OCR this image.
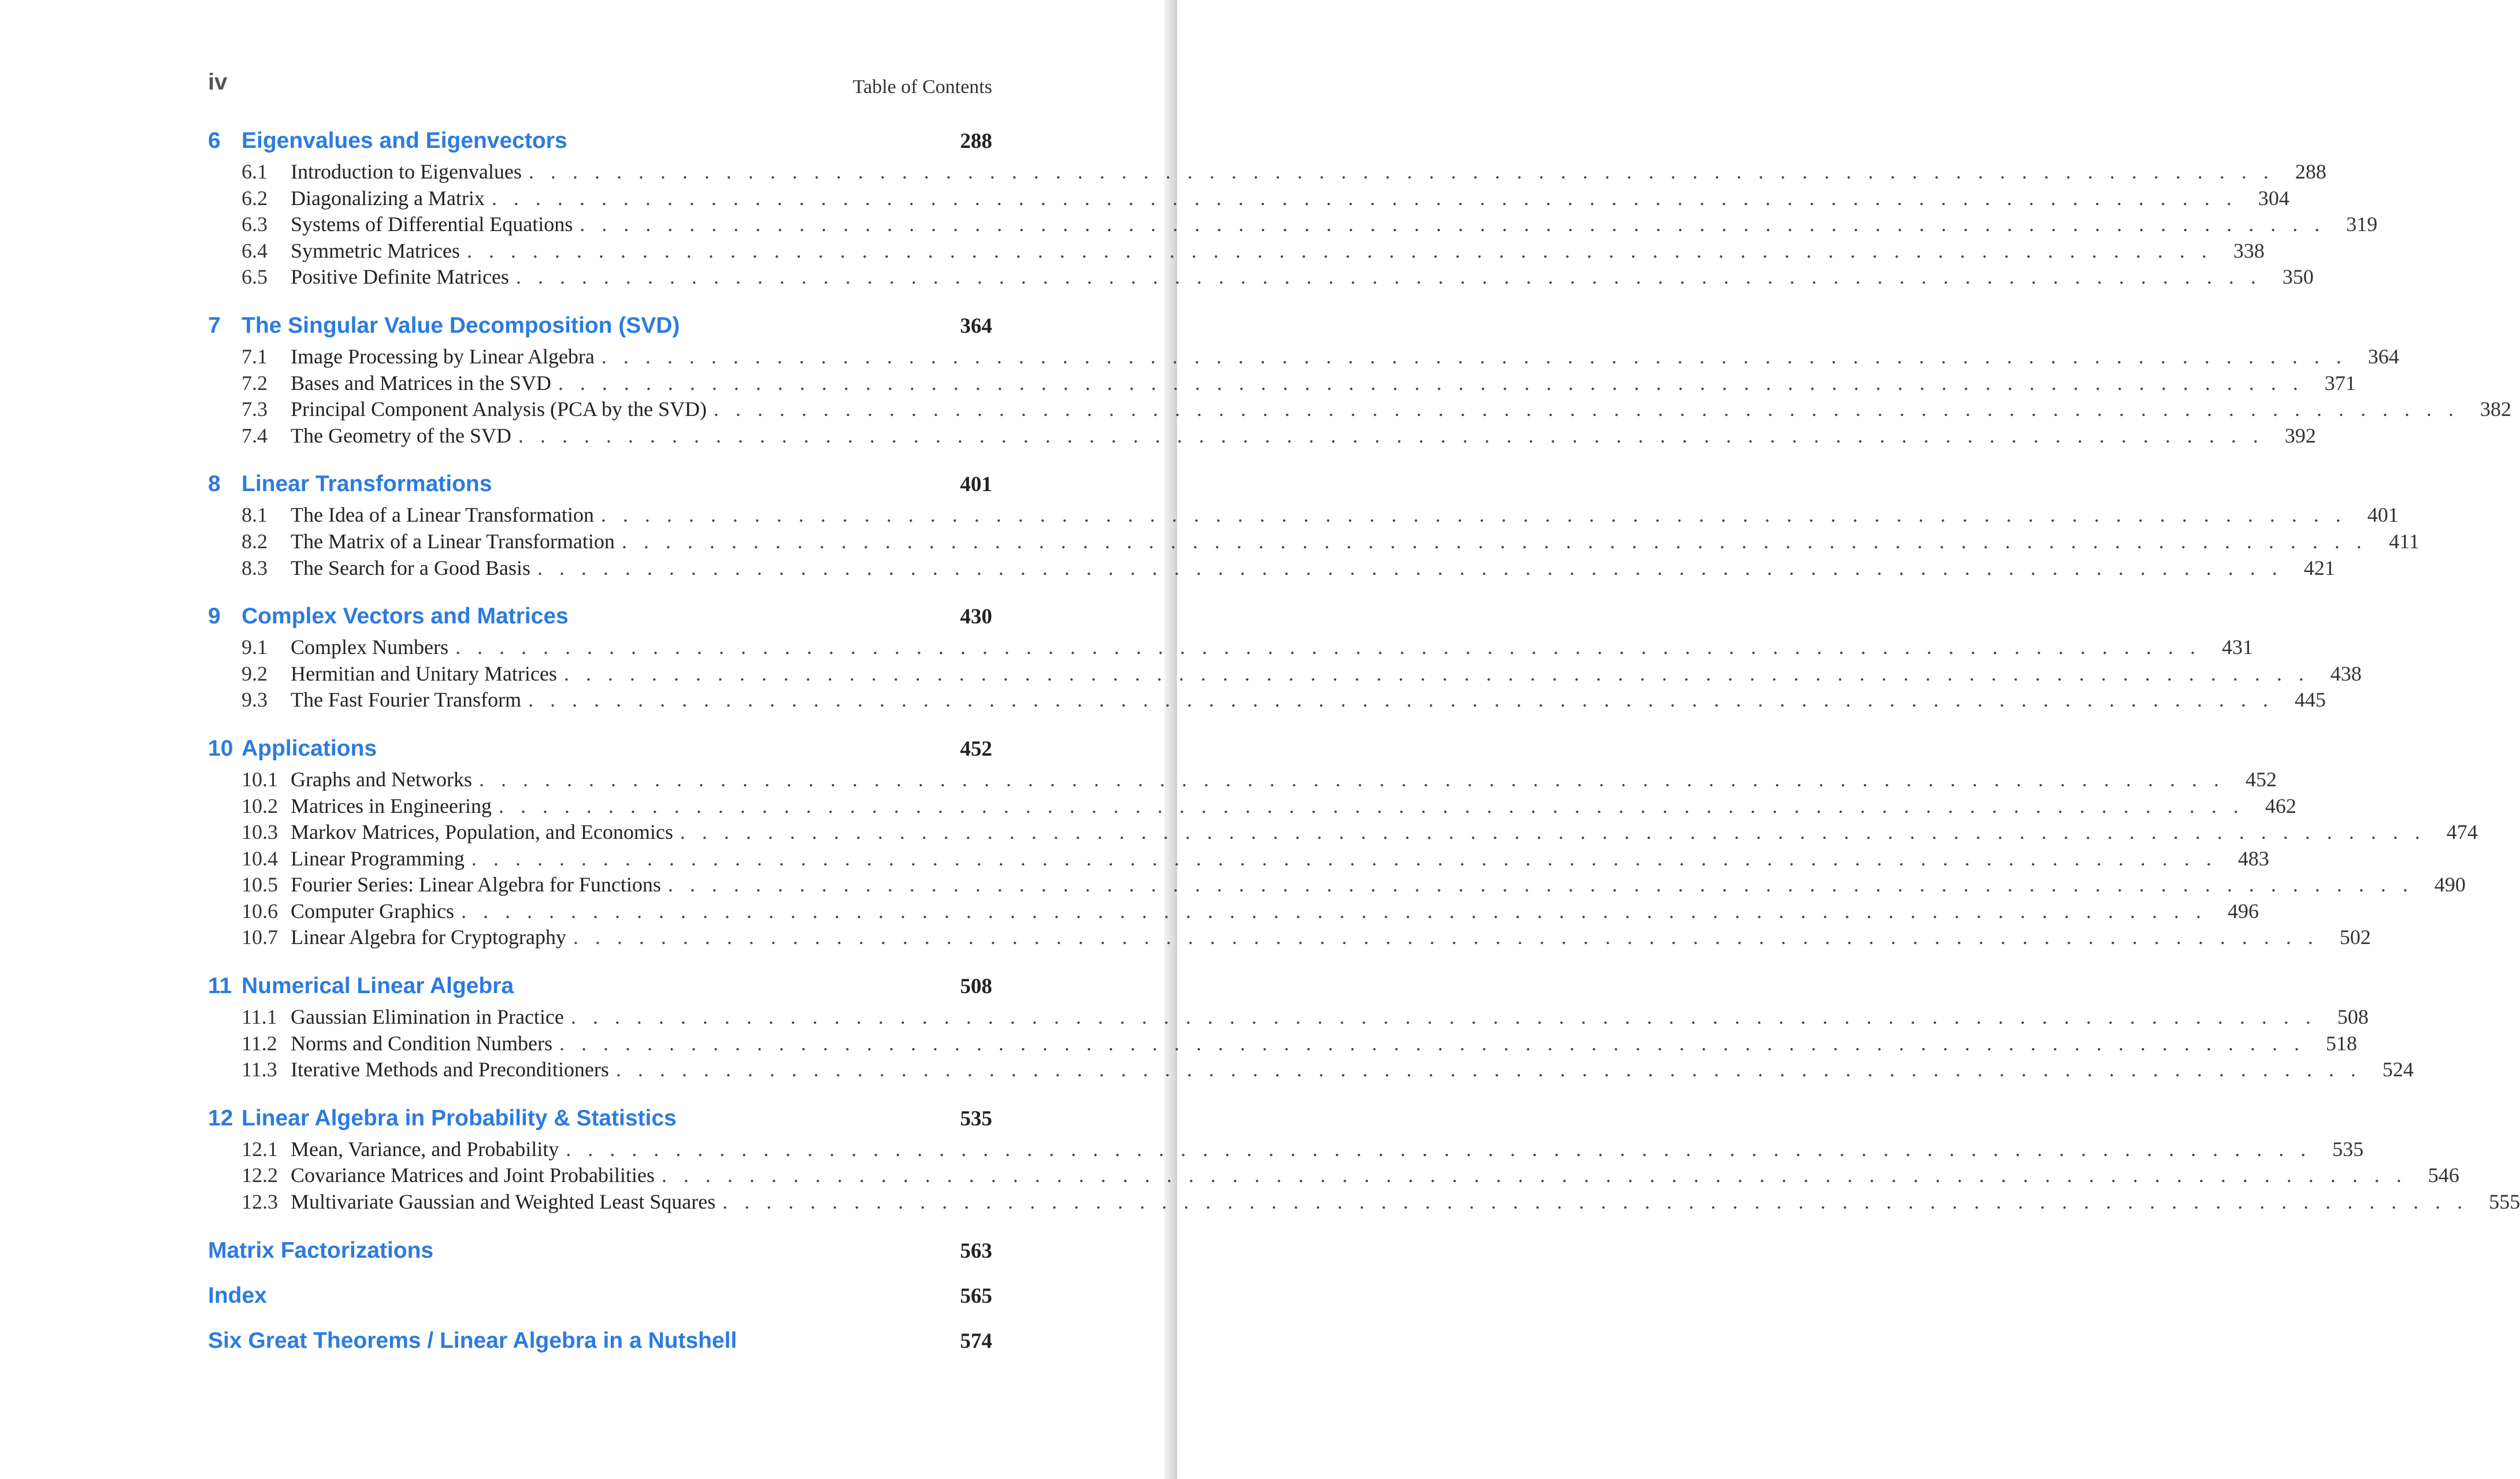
iv	Table of Contents
6 Eigenvalues and Eigenvectors	288
6.1	Introduction to Eigenvalues . . . . . . . . . . . . . . . . . . . . . . . . . . . . . . . . . . . . . . . . . . . . . . . . . . . . . . . . . . . . . . . . . . . . . . . . . . . . . . . .	288
6.2	Diagonalizing a Matrix . . . . . . . . . . . . . . . . . . . . . . . . . . . . . . . . . . . . . . . . . . . . . . . . . . . . . . . . . . . . . . . . . . . . . . . . . . . . . . . .	304
6.3	Systems of Differential Equations . . . . . . . . . . . . . . . . . . . . . . . . . . . . . . . . . . . . . . . . . . . . . . . . . . . . . . . . . . . . . . . . . . . . . . . . . . . . . . . .	319
6.4	Symmetric Matrices . . . . . . . . . . . . . . . . . . . . . . . . . . . . . . . . . . . . . . . . . . . . . . . . . . . . . . . . . . . . . . . . . . . . . . . . . . . . . . . .	338
6.5	Positive Definite Matrices . . . . . . . . . . . . . . . . . . . . . . . . . . . . . . . . . . . . . . . . . . . . . . . . . . . . . . . . . . . . . . . . . . . . . . . . . . . . . . . .	350
7 The Singular Value Decomposition (SVD)	364
7.1	Image Processing by Linear Algebra . . . . . . . . . . . . . . . . . . . . . . . . . . . . . . . . . . . . . . . . . . . . . . . . . . . . . . . . . . . . . . . . . . . . . . . . . . . . . . . .	364
7.2	Bases and Matrices in the SVD . . . . . . . . . . . . . . . . . . . . . . . . . . . . . . . . . . . . . . . . . . . . . . . . . . . . . . . . . . . . . . . . . . . . . . . . . . . . . . . .	371
7.3	Principal Component Analysis (PCA by the SVD) . . . . . . . . . . . . . . . . . . . . . . . . . . . . . . . . . . . . . . . . . . . . . . . . . . . . . . . . . . . . . . . . . . . . . . . . . . . . . . . .	382
7.4	The Geometry of the SVD . . . . . . . . . . . . . . . . . . . . . . . . . . . . . . . . . . . . . . . . . . . . . . . . . . . . . . . . . . . . . . . . . . . . . . . . . . . . . . . .	392
8 Linear Transformations	401
8.1	The Idea of a Linear Transformation . . . . . . . . . . . . . . . . . . . . . . . . . . . . . . . . . . . . . . . . . . . . . . . . . . . . . . . . . . . . . . . . . . . . . . . . . . . . . . . .	401
8.2	The Matrix of a Linear Transformation . . . . . . . . . . . . . . . . . . . . . . . . . . . . . . . . . . . . . . . . . . . . . . . . . . . . . . . . . . . . . . . . . . . . . . . . . . . . . . . .	411
8.3	The Search for a Good Basis . . . . . . . . . . . . . . . . . . . . . . . . . . . . . . . . . . . . . . . . . . . . . . . . . . . . . . . . . . . . . . . . . . . . . . . . . . . . . . . .	421
9 Complex Vectors and Matrices	430
9.1	Complex Numbers . . . . . . . . . . . . . . . . . . . . . . . . . . . . . . . . . . . . . . . . . . . . . . . . . . . . . . . . . . . . . . . . . . . . . . . . . . . . . . . .	431
9.2	Hermitian and Unitary Matrices . . . . . . . . . . . . . . . . . . . . . . . . . . . . . . . . . . . . . . . . . . . . . . . . . . . . . . . . . . . . . . . . . . . . . . . . . . . . . . . .	438
9.3	The Fast Fourier Transform . . . . . . . . . . . . . . . . . . . . . . . . . . . . . . . . . . . . . . . . . . . . . . . . . . . . . . . . . . . . . . . . . . . . . . . . . . . . . . . .	445
10 Applications	452
10.1 Graphs and Networks . . . . . . . . . . . . . . . . . . . . . . . . . . . . . . . . . . . . . . . . . . . . . . . . . . . . . . . . . . . . . . . . . . . . . . . . . . . . . . . .	452
10.2 Matrices in Engineering . . . . . . . . . . . . . . . . . . . . . . . . . . . . . . . . . . . . . . . . . . . . . . . . . . . . . . . . . . . . . . . . . . . . . . . . . . . . . . . .	462
10.3 Markov Matrices, Population, and Economics . . . . . . . . . . . . . . . . . . . . . . . . . . . . . . . . . . . . . . . . . . . . . . . . . . . . . . . . . . . . . . . . . . . . . . . . . . . . . . . .	474
10.4 Linear Programming . . . . . . . . . . . . . . . . . . . . . . . . . . . . . . . . . . . . . . . . . . . . . . . . . . . . . . . . . . . . . . . . . . . . . . . . . . . . . . . .	483
10.5 Fourier Series: Linear Algebra for Functions . . . . . . . . . . . . . . . . . . . . . . . . . . . . . . . . . . . . . . . . . . . . . . . . . . . . . . . . . . . . . . . . . . . . . . . . . . . . . . . .	490
10.6 Computer Graphics . . . . . . . . . . . . . . . . . . . . . . . . . . . . . . . . . . . . . . . . . . . . . . . . . . . . . . . . . . . . . . . . . . . . . . . . . . . . . . . .	496
10.7 Linear Algebra for Cryptography . . . . . . . . . . . . . . . . . . . . . . . . . . . . . . . . . . . . . . . . . . . . . . . . . . . . . . . . . . . . . . . . . . . . . . . . . . . . . . . .	502
11 Numerical Linear Algebra	508
11.1 Gaussian Elimination in Practice . . . . . . . . . . . . . . . . . . . . . . . . . . . . . . . . . . . . . . . . . . . . . . . . . . . . . . . . . . . . . . . . . . . . . . . . . . . . . . . .	508
11.2 Norms and Condition Numbers . . . . . . . . . . . . . . . . . . . . . . . . . . . . . . . . . . . . . . . . . . . . . . . . . . . . . . . . . . . . . . . . . . . . . . . . . . . . . . . .	518
11.3 Iterative Methods and Preconditioners . . . . . . . . . . . . . . . . . . . . . . . . . . . . . . . . . . . . . . . . . . . . . . . . . . . . . . . . . . . . . . . . . . . . . . . . . . . . . . . .	524
12 Linear Algebra in Probability & Statistics	535
12.1 Mean, Variance, and Probability . . . . . . . . . . . . . . . . . . . . . . . . . . . . . . . . . . . . . . . . . . . . . . . . . . . . . . . . . . . . . . . . . . . . . . . . . . . . . . . .	535
12.2 Covariance Matrices and Joint Probabilities . . . . . . . . . . . . . . . . . . . . . . . . . . . . . . . . . . . . . . . . . . . . . . . . . . . . . . . . . . . . . . . . . . . . . . . . . . . . . . . .	546
12.3 Multivariate Gaussian and Weighted Least Squares . . . . . . . . . . . . . . . . . . . . . . . . . . . . . . . . . . . . . . . . . . . . . . . . . . . . . . . . . . . . . . . . . . . . . . . . . . . . . . . .	555
Matrix Factorizations	563
Index	565
Six Great Theorems / Linear Algebra in a Nutshell	574
